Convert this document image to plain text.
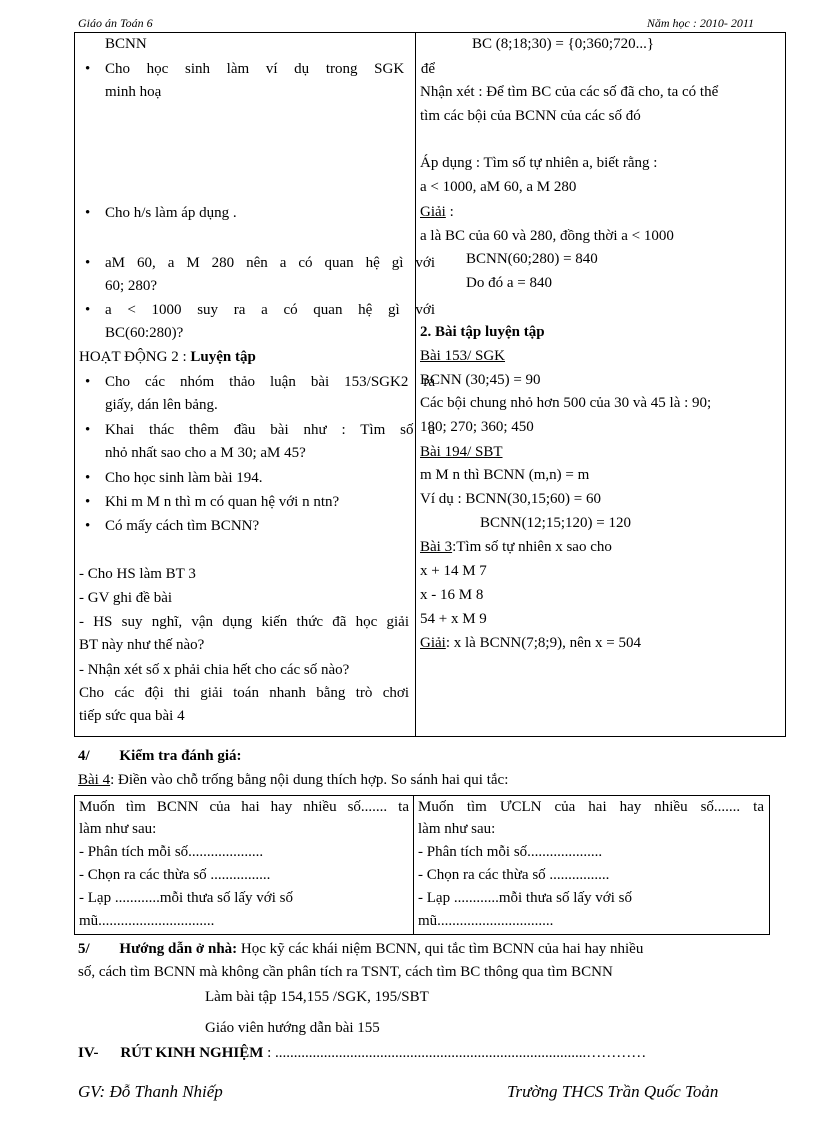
Giáo án Toán 6	Năm học : 2010- 2011
BCNN
• Cho học sinh làm ví dụ trong SGK để
minh hoạ
• Cho h/s làm áp dụng .
• aM 60, a M 280 nên a có quan hệ gì với
60; 280?
• a < 1000 suy ra a có quan hệ gì với
BC(60:280)?
HOẠT ĐỘNG 2 : Luyện tập
• Cho các nhóm thảo luận bài 153/SGK2 ra
giấy, dán lên bảng.
• Khai thác thêm đầu bài như : Tìm số a
nhỏ nhất sao cho a M 30; aM 45?
• Cho học sinh làm bài 194.
• Khi m M n thì m có quan hệ với n ntn?
• Có mấy cách tìm BCNN?
- Cho HS làm BT 3
- GV ghi đề bài
- HS suy nghĩ, vận dụng kiến thức đã học giải
BT này như thế nào?
- Nhận xét số x phải chia hết cho các số nào?
Cho các đội thi giải toán nhanh bằng trò chơi
tiếp sức qua bài 4
BC (8;18;30) = {0;360;720...}
Nhận xét : Để tìm BC của các số đã cho, ta có thể
tìm các bội của BCNN của các số đó
Áp dụng : Tìm số tự nhiên a, biết rằng :
a < 1000, aM 60, a M 280
Giải :
a là BC của 60 và 280, đồng thời a < 1000
BCNN(60;280) = 840
Do đó a = 840
2. Bài tập luyện tập
Bài 153/ SGK
BCNN (30;45) = 90
Các bội chung nhỏ hơn 500 của 30 và 45 là : 90;
180; 270; 360; 450
Bài 194/ SBT
m M n thì BCNN (m,n) = m
Ví dụ : BCNN(30,15;60) = 60
BCNN(12;15;120) = 120
Bài 3:Tìm số tự nhiên x sao cho
x + 14 M 7
x - 16 M 8
54 + x M 9
Giải: x là BCNN(7;8;9), nên x = 504
4/ Kiểm tra đánh giá:
Bài 4: Điền vào chỗ trống bằng nội dung thích hợp. So sánh hai qui tắc:
Muốn tìm BCNN của hai hay nhiều số....... ta
làm như sau:
- Phân tích mỗi số....................
- Chọn ra các thừa số ................
- Lạp ............mỗi thưa số lấy với số
mũ...............................
Muốn tìm ƯCLN của hai hay nhiều số....... ta
làm như sau:
- Phân tích mỗi số....................
- Chọn ra các thừa số ................
- Lạp ............mỗi thưa số lấy với số
mũ...............................
5/ Hướng dẫn ở nhà: Học kỹ các khái niệm BCNN, qui tắc tìm BCNN của hai hay nhiều
số, cách tìm BCNN mà không cần phân tích ra TSNT, cách tìm BC thông qua tìm BCNN
Làm bài tập 154,155 /SGK, 195/SBT
Giáo viên hướng dẫn bài 155
IV- RÚT KINH NGHIỆM : ...................................................................................…………
GV: Đỗ Thanh Nhiếp	Trường THCS Trần Quốc Toản
